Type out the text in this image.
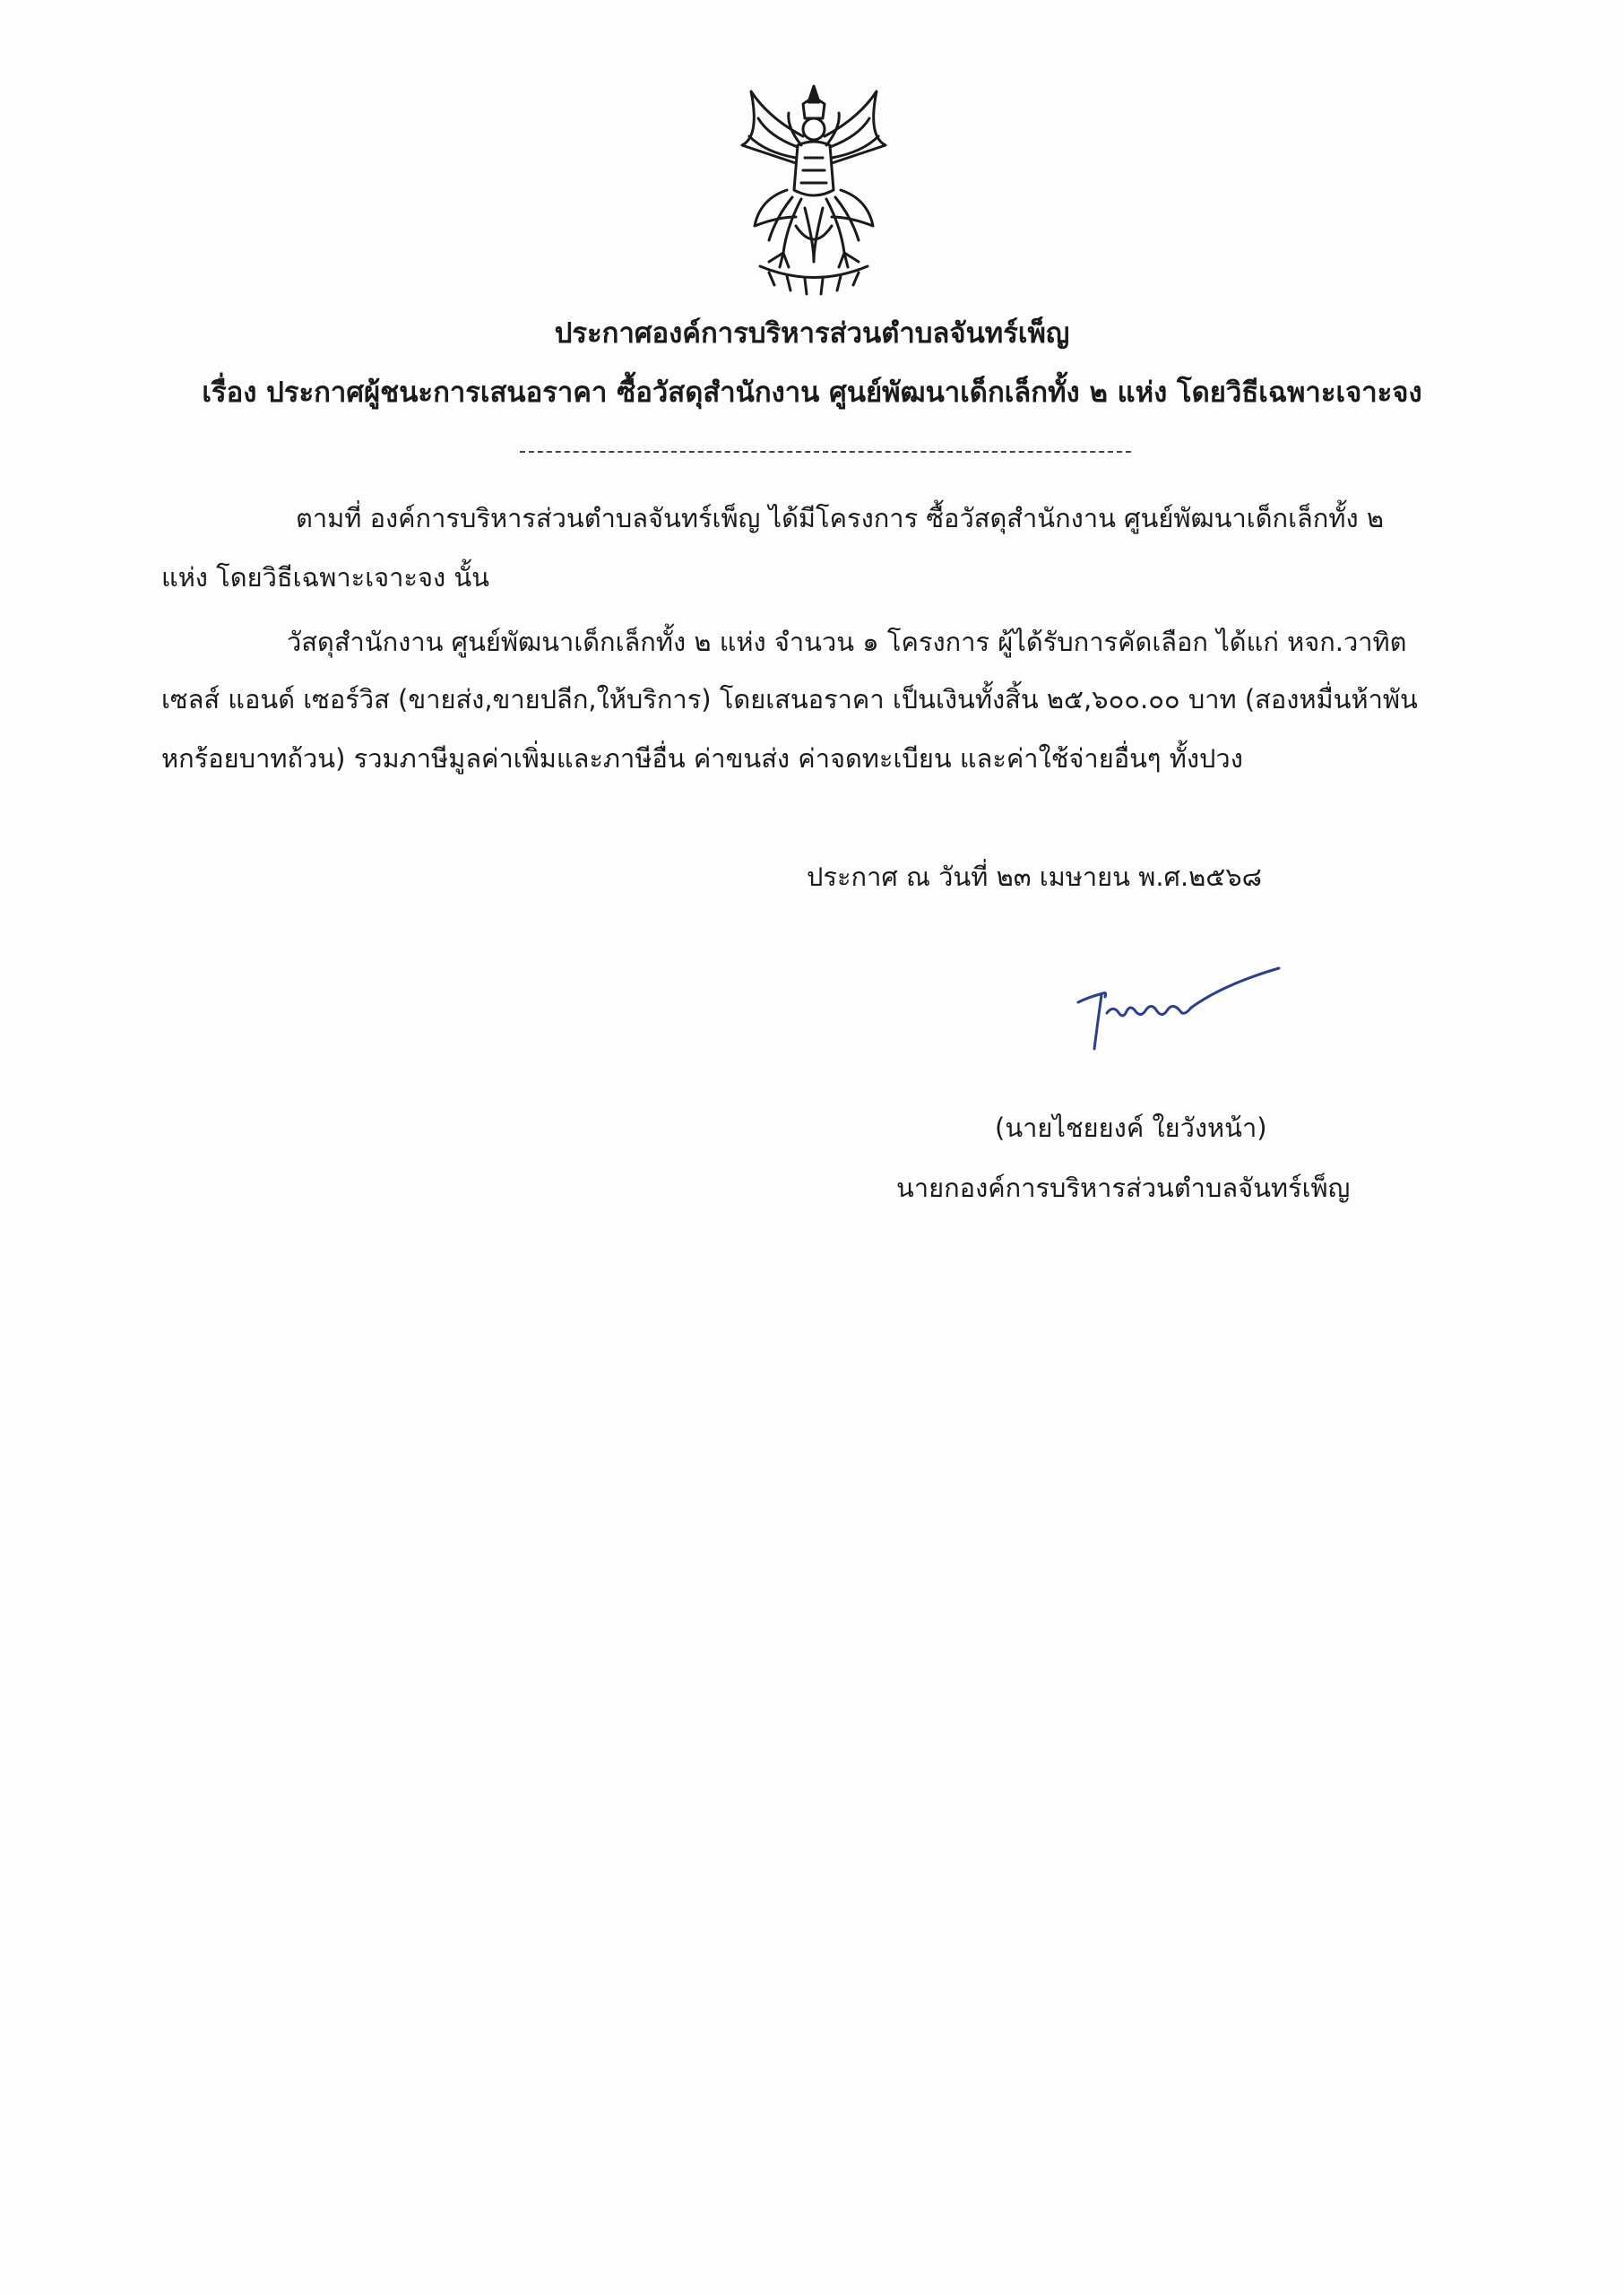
ประกาศองค์การบริหารส่วนตำบลจันทร์เพ็ญ
เรื่อง ประกาศผู้ชนะการเสนอราคา ซื้อวัสดุสำนักงาน ศูนย์พัฒนาเด็กเล็กทั้ง ๒ แห่ง โดยวิธีเฉพาะเจาะจง
ตามที่ องค์การบริหารส่วนตำบลจันทร์เพ็ญ ได้มีโครงการ ซื้อวัสดุสำนักงาน ศูนย์พัฒนาเด็กเล็กทั้ง ๒
แห่ง โดยวิธีเฉพาะเจาะจง นั้น
วัสดุสำนักงาน ศูนย์พัฒนาเด็กเล็กทั้ง ๒ แห่ง จำนวน ๑ โครงการ ผู้ได้รับการคัดเลือก ได้แก่ หจก.วาทิต
เซลส์ แอนด์ เซอร์วิส (ขายส่ง,ขายปลีก,ให้บริการ) โดยเสนอราคา เป็นเงินทั้งสิ้น ๒๕,๖๐๐.๐๐ บาท (สองหมื่นห้าพัน
หกร้อยบาทถ้วน) รวมภาษีมูลค่าเพิ่มและภาษีอื่น ค่าขนส่ง ค่าจดทะเบียน และค่าใช้จ่ายอื่นๆ ทั้งปวง
ประกาศ ณ วันที่ ๒๓ เมษายน พ.ศ.๒๕๖๘
(นายไชยยงค์ ใยวังหน้า)
นายกองค์การบริหารส่วนตำบลจันทร์เพ็ญ
